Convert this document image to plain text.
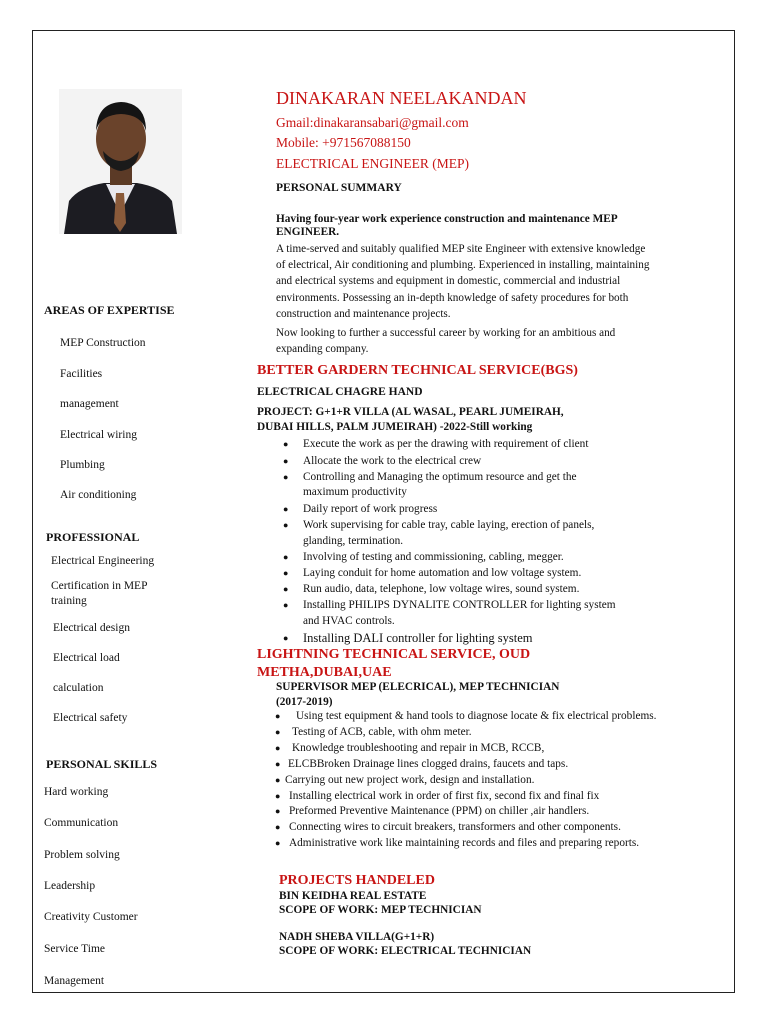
DINAKARAN NEELAKANDAN
Gmail:dinakaransabari@gmail.com
Mobile: +971567088150
ELECTRICAL ENGINEER (MEP)
PERSONAL SUMMARY
Having four-year work experience construction and maintenance MEP
ENGINEER.
A time-served and suitably qualified MEP site Engineer with extensive knowledge
of electrical, Air conditioning and plumbing. Experienced in installing, maintaining
and electrical systems and equipment in domestic, commercial and industrial
environments. Possessing an in-depth knowledge of safety procedures for both
construction and maintenance projects.
Now looking to further a successful career by working for an ambitious and
expanding company.
AREAS OF EXPERTISE
MEP Construction
Facilities
management
Electrical wiring
Plumbing
Air conditioning
PROFESSIONAL
Electrical Engineering
Certification in MEP
training
Electrical design
Electrical load
calculation
Electrical safety
PERSONAL SKILLS
Hard working
Communication
Problem solving
Leadership
Creativity Customer
Service Time
Management
BETTER GARDERN TECHNICAL SERVICE(BGS)
ELECTRICAL CHAGRE HAND
PROJECT: G+1+R VILLA (AL WASAL, PEARL JUMEIRAH,
DUBAI HILLS, PALM JUMEIRAH) -2022-Still working
● Execute the work as per the drawing with requirement of client
● Allocate the work to the electrical crew
● Controlling and Managing the optimum resource and get the
maximum productivity
● Daily report of work progress
● Work supervising for cable tray, cable laying, erection of panels,
glanding, termination.
● Involving of testing and commissioning, cabling, megger.
● Laying conduit for home automation and low voltage system.
● Run audio, data, telephone, low voltage wires, sound system.
● Installing PHILIPS DYNALITE CONTROLLER for lighting system
and HVAC controls.
● Installing DALI controller for lighting system
LIGHTNING TECHNICAL SERVICE, OUD
METHA,DUBAI,UAE
SUPERVISOR MEP (ELECRICAL), MEP TECHNICIAN
(2017-2019)
● Using test equipment & hand tools to diagnose locate & fix electrical problems.
● Testing of ACB, cable, with ohm meter.
● Knowledge troubleshooting and repair in MCB, RCCB,
● ELCBBroken Drainage lines clogged drains, faucets and taps.
● Carrying out new project work, design and installation.
● Installing electrical work in order of first fix, second fix and final fix
● Preformed Preventive Maintenance (PPM) on chiller ,air handlers.
● Connecting wires to circuit breakers, transformers and other components.
● Administrative work like maintaining records and files and preparing reports.
PROJECTS HANDELED
BIN KEIDHA REAL ESTATE
SCOPE OF WORK: MEP TECHNICIAN
NADH SHEBA VILLA(G+1+R)
SCOPE OF WORK: ELECTRICAL TECHNICIAN
